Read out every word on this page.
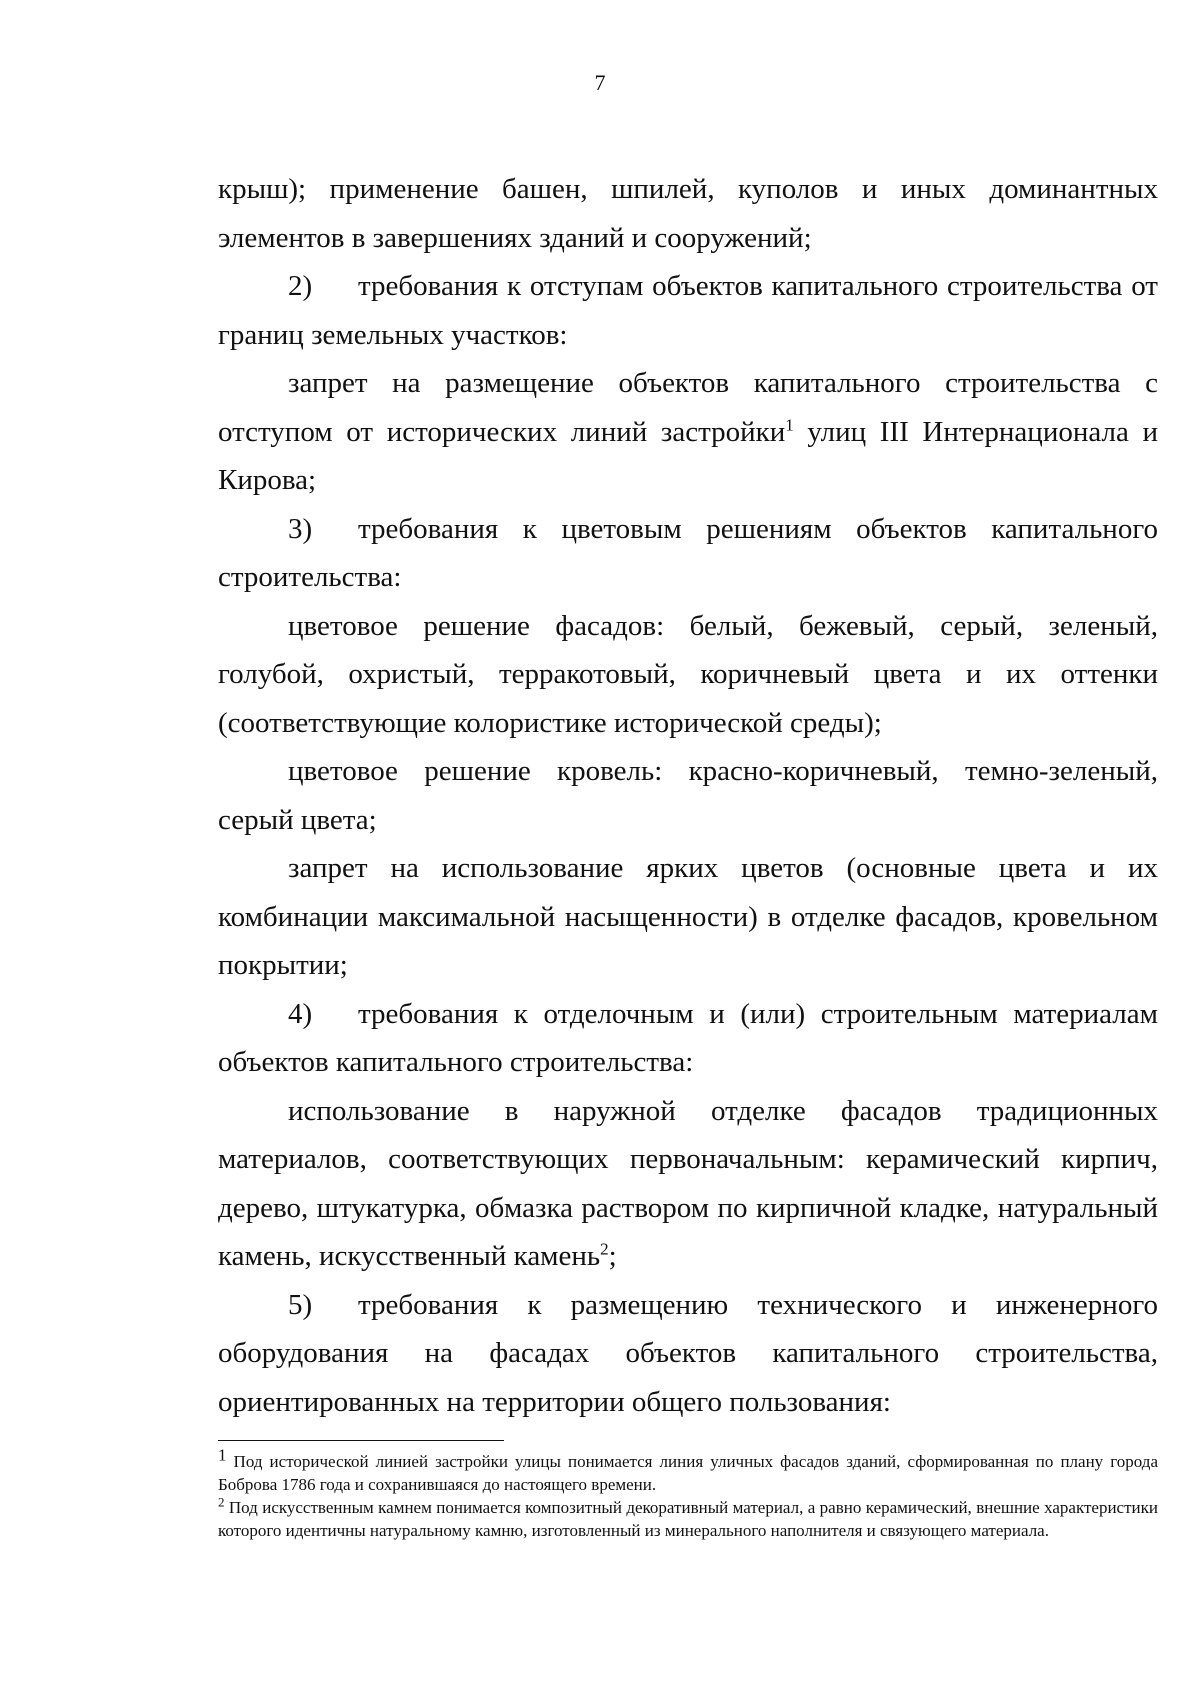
7

крыш); применение башен, шпилей, куполов и иных доминантных элементов в завершениях зданий и сооружений;

2) требования к отступам объектов капитального строительства от границ земельных участков:

запрет на размещение объектов капитального строительства с отступом от исторических линий застройки$^1$ улиц III Интернационала и Кирова;

3) требования к цветовым решениям объектов капитального строительства:

цветовое решение фасадов: белый, бежевый, серый, зеленый, голубой, охристый, терракотовый, коричневый цвета и их оттенки (соответствующие колористике исторической среды);

цветовое решение кровель: красно-коричневый, темно-зеленый, серый цвета;

запрет на использование ярких цветов (основные цвета и их комбинации максимальной насыщенности) в отделке фасадов, кровельном покрытии;

4) требования к отделочным и (или) строительным материалам объектов капитального строительства:

использование в наружной отделке фасадов традиционных материалов, соответствующих первоначальным: керамический кирпич, дерево, штукатурка, обмазка раствором по кирпичной кладке, натуральный камень, искусственный камень$^2$;

5) требования к размещению технического и инженерного оборудования на фасадах объектов капитального строительства, ориентированных на территории общего пользования:

$^1$ Под исторической линией застройки улицы понимается линия уличных фасадов зданий, сформированная по плану города Боброва 1786 года и сохранившаяся до настоящего времени.

$^2$ Под искусственным камнем понимается композитный декоративный материал, а равно керамический, внешние характеристики которого идентичны натуральному камню, изготовленный из минерального наполнителя и связующего материала.
